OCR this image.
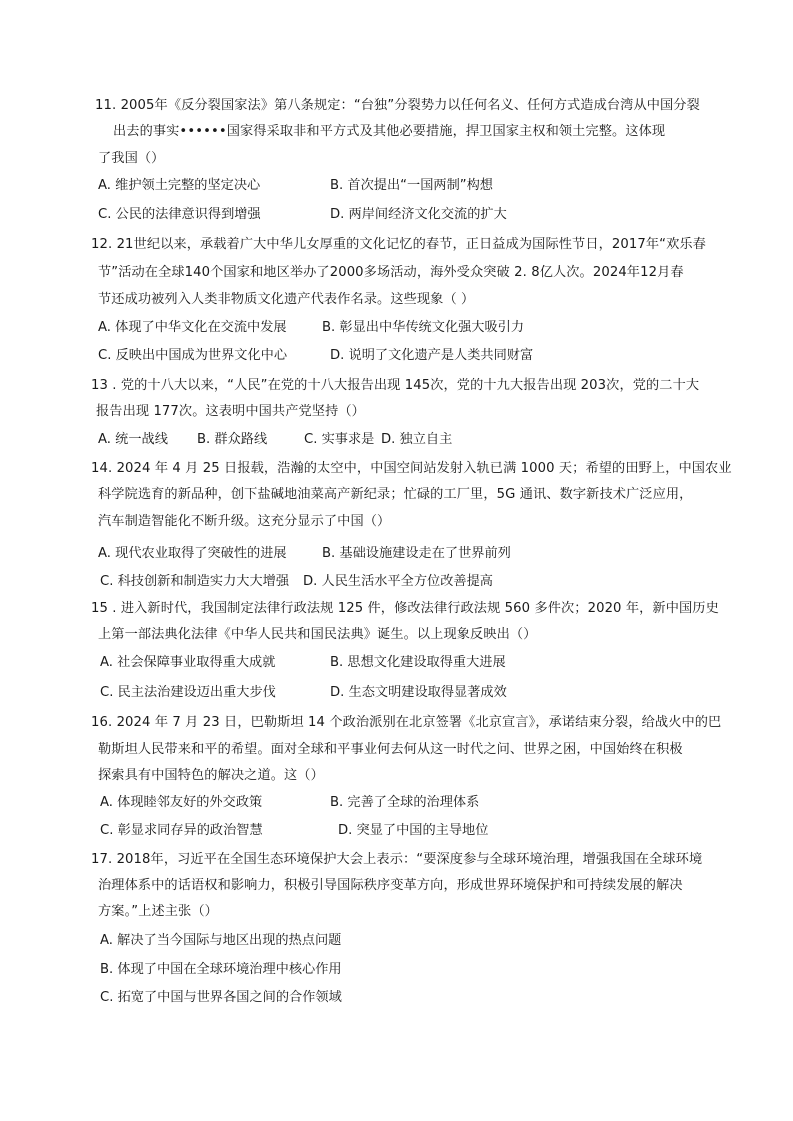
11. 2005年《反分裂国家法》第八条规定：“台独”分裂势力以任何名义、任何方式造成台湾从中国分裂
出去的事实••••••国家得采取非和平方式及其他必要措施，捍卫国家主权和领土完整。这体现
了我国（）
A. 维护领土完整的坚定决心	B. 首次提出“一国两制”构想
C. 公民的法律意识得到增强	D. 两岸间经济文化交流的扩大
12. 21世纪以来，承载着广大中华儿女厚重的文化记忆的春节，正日益成为国际性节日，2017年“欢乐春
节”活动在全球140个国家和地区举办了2000多场活动，海外受众突破 2. 8亿人次。2024年12月春
节还成功被列入人类非物质文化遗产代表作名录。这些现象（ ）
A. 体现了中华文化在交流中发展	B. 彰显出中华传统文化强大吸引力
C. 反映出中国成为世界文化中心	D. 说明了文化遗产是人类共同财富
13 . 党的十八大以来，“人民”在党的十八大报告出现 145次，党的十九大报告出现 203次，党的二十大
报告出现 177次。这表明中国共产党坚持（）
A. 统一战线 B. 群众路线	C. 实事求是 D. 独立自主
14. 2024 年 4 月 25 日报载，浩瀚的太空中，中国空间站发射入轨已满 1000 天；希望的田野上，中国农业
科学院选育的新品种，创下盐碱地油菜高产新纪录；忙碌的工厂里，5G 通讯、数字新技术广泛应用，
汽车制造智能化不断升级。这充分显示了中国（）
A. 现代农业取得了突破性的进展	B. 基础设施建设走在了世界前列
C. 科技创新和制造实力大大增强 D. 人民生活水平全方位改善提高
15 . 进入新时代，我国制定法律行政法规 125 件，修改法律行政法规 560 多件次；2020 年，新中国历史
上第一部法典化法律《中华人民共和国民法典》诞生。以上现象反映出（）
A. 社会保障事业取得重大成就	B. 思想文化建设取得重大进展
C. 民主法治建设迈出重大步伐	D. 生态文明建设取得显著成效
16. 2024 年 7 月 23 日，巴勒斯坦 14 个政治派别在北京签署《北京宣言》，承诺结束分裂，给战火中的巴
勒斯坦人民带来和平的希望。面对全球和平事业何去何从这一时代之问、世界之困，中国始终在积极
探索具有中国特色的解决之道。这（）
A. 体现睦邻友好的外交政策	B. 完善了全球的治理体系
C. 彰显求同存异的政治智慧	D. 突显了中国的主导地位
17. 2018年，习近平在全国生态环境保护大会上表示：“要深度参与全球环境治理，增强我国在全球环境
治理体系中的话语权和影响力，积极引导国际秩序变革方向，形成世界环境保护和可持续发展的解决
方案。”上述主张（）
A. 解决了当今国际与地区出现的热点问题
B. 体现了中国在全球环境治理中核心作用
C. 拓宽了中国与世界各国之间的合作领域
